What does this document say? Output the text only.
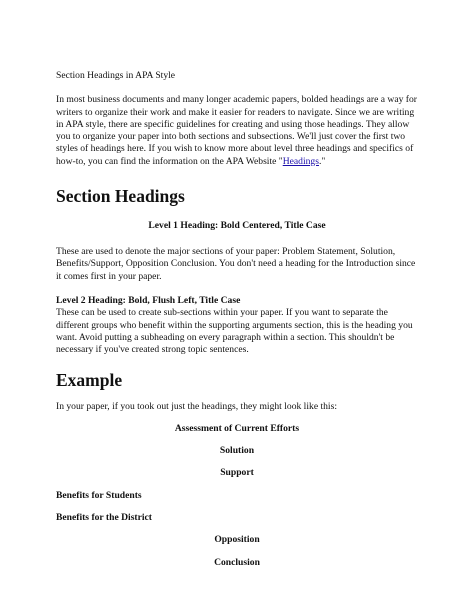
Section Headings in APA Style

In most business documents and many longer academic papers, bolded headings are a way for writers to organize their work and make it easier for readers to navigate. Since we are writing in APA style, there are specific guidelines for creating and using those headings. They allow you to organize your paper into both sections and subsections. We'll just cover the first two styles of headings here. If you wish to know more about level three headings and specifics of how-to, you can find the information on the APA Website "Headings."

Section Headings

Level 1 Heading: Bold Centered, Title Case

These are used to denote the major sections of your paper: Problem Statement, Solution, Benefits/Support, Opposition Conclusion. You don't need a heading for the Introduction since it comes first in your paper.

Level 2 Heading: Bold, Flush Left, Title Case

These can be used to create sub-sections within your paper. If you want to separate the different groups who benefit within the supporting arguments section, this is the heading you want. Avoid putting a subheading on every paragraph within a section. This shouldn't be necessary if you've created strong topic sentences.

Example

In your paper, if you took out just the headings, they might look like this:

Assessment of Current Efforts
Solution
Support
Benefits for Students
Benefits for the District
Opposition
Conclusion
